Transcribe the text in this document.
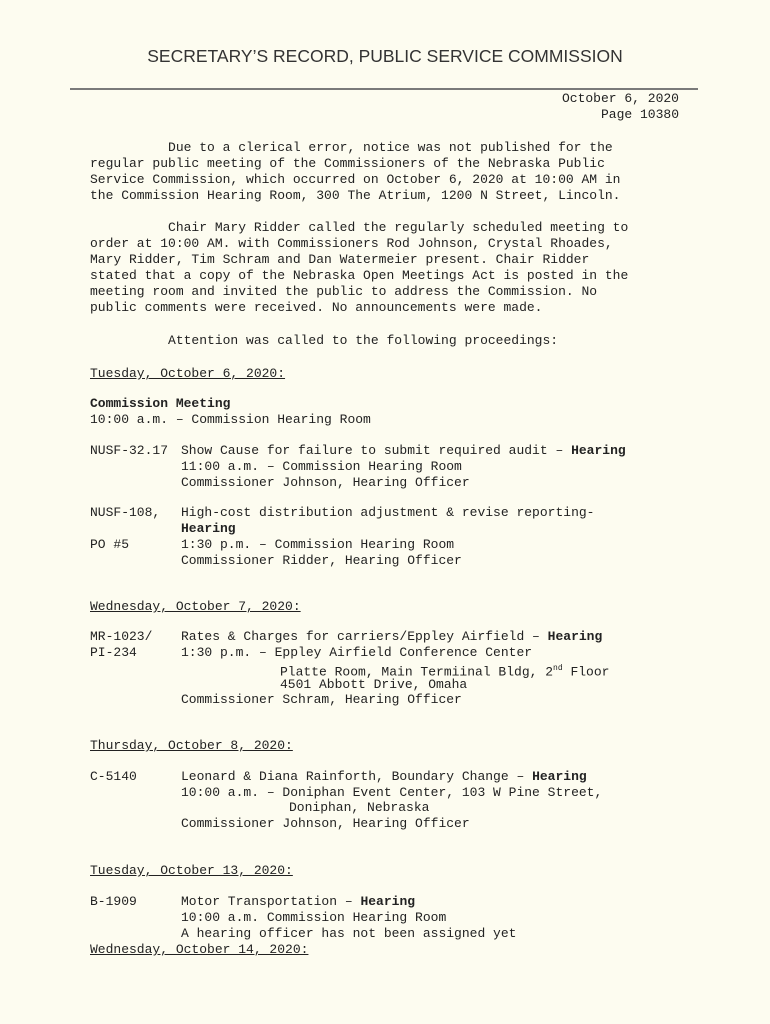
SECRETARY’S RECORD, PUBLIC SERVICE COMMISSION
October 6, 2020
Page 10380
Due to a clerical error, notice was not published for the
regular public meeting of the Commissioners of the Nebraska Public
Service Commission, which occurred on October 6, 2020 at 10:00 AM in
the Commission Hearing Room, 300 The Atrium, 1200 N Street, Lincoln.
Chair Mary Ridder called the regularly scheduled meeting to
order at 10:00 AM. with Commissioners Rod Johnson, Crystal Rhoades,
Mary Ridder, Tim Schram and Dan Watermeier present. Chair Ridder
stated that a copy of the Nebraska Open Meetings Act is posted in the
meeting room and invited the public to address the Commission. No
public comments were received. No announcements were made.
Attention was called to the following proceedings:
Tuesday, October 6, 2020:
Commission Meeting
10:00 a.m. – Commission Hearing Room
NUSF-32.17 Show Cause for failure to submit required audit – Hearing
11:00 a.m. – Commission Hearing Room
Commissioner Johnson, Hearing Officer
NUSF-108, High-cost distribution adjustment & revise reporting-
Hearing
PO #5	1:30 p.m. – Commission Hearing Room
Commissioner Ridder, Hearing Officer
Wednesday, October 7, 2020:
MR-1023/ Rates & Charges for carriers/Eppley Airfield – Hearing
PI-234	1:30 p.m. – Eppley Airfield Conference Center
Platte Room, Main Termiinal Bldg, 2nd Floor
4501 Abbott Drive, Omaha
Commissioner Schram, Hearing Officer
Thursday, October 8, 2020:
C-5140	Leonard & Diana Rainforth, Boundary Change – Hearing
10:00 a.m. – Doniphan Event Center, 103 W Pine Street,
Doniphan, Nebraska
Commissioner Johnson, Hearing Officer
Tuesday, October 13, 2020:
B-1909	Motor Transportation – Hearing
10:00 a.m. Commission Hearing Room
A hearing officer has not been assigned yet
Wednesday, October 14, 2020:
